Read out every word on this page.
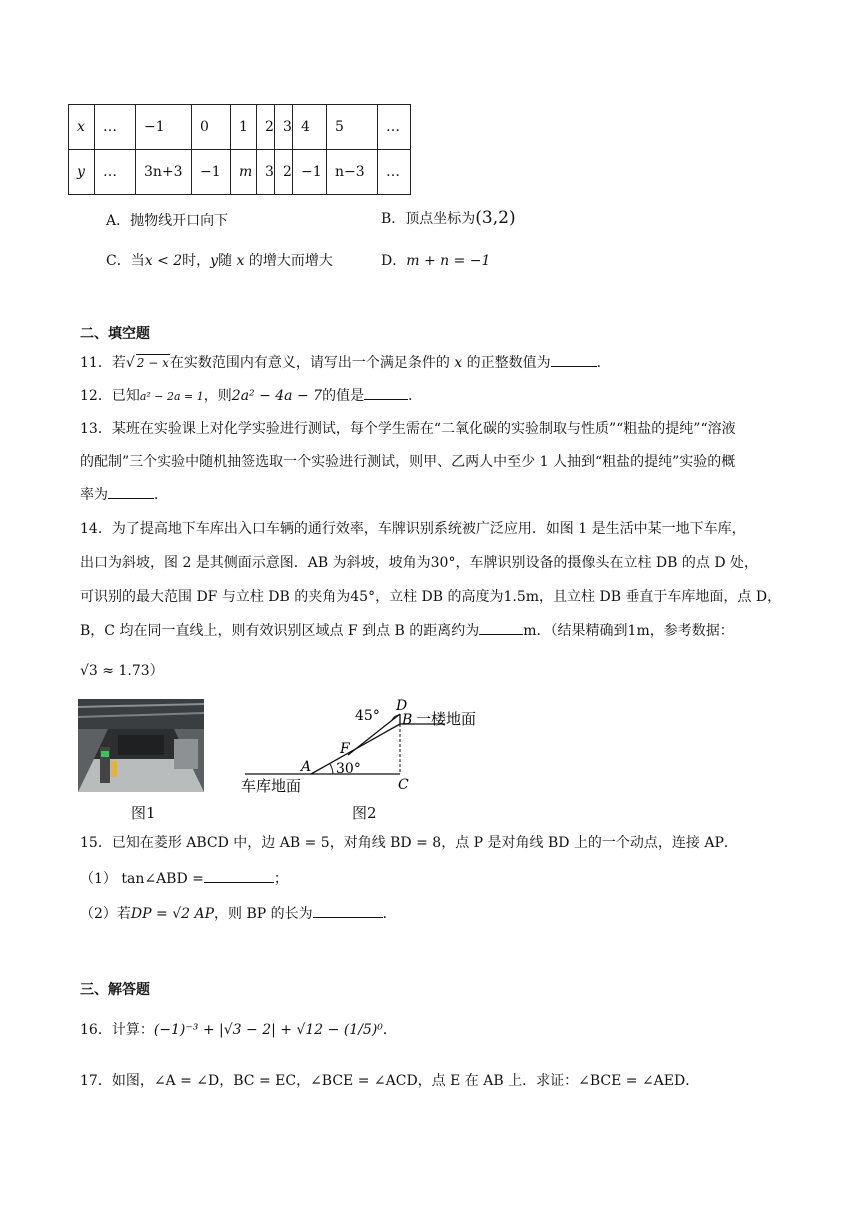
x	…	−1	0	1	2	3	4	5	…
y	…	3n+3	−1	m	3	2	−1	n−3	…
A．抛物线开口向下	B．顶点坐标为(3,2)
C．当x < 2时，y随 x 的增大而增大	D．m + n = −1
二、填空题
11．若√ 2 − x在实数范围内有意义，请写出一个满足条件的 x 的正整数值为	．
12．已知a² − 2a = 1，则2a² − 4a − 7的值是	．
13．某班在实验课上对化学实验进行测试，每个学生需在“二氧化碳的实验制取与性质”“粗盐的提纯”“溶液
的配制”三个实验中随机抽签选取一个实验进行测试，则甲、乙两人中至少 1 人抽到“粗盐的提纯”实验的概
率为	．
14．为了提高地下车库出入口车辆的通行效率，车牌识别系统被广泛应用．如图 1 是生活中某一地下车库，
出口为斜坡，图 2 是其侧面示意图．AB 为斜坡，坡角为30°，车牌识别设备的摄像头在立柱 DB 的点 D 处，
可识别的最大范围 DF 与立柱 DB 的夹角为45°，立柱 DB 的高度为1.5m，且立柱 DB 垂直于车库地面，点 D，
B，C 均在同一直线上，则有效识别区域点 F 到点 B 的距离约为	m．（结果精确到1m，参考数据：
√3 ≈ 1.73）
图1
D
B
A
F
C
45°
30°
一楼地面
车库地面
图2
15．已知在菱形 ABCD 中，边 AB = 5，对角线 BD = 8，点 P 是对角线 BD 上的一个动点，连接 AP．
（1） tan∠ABD =	；
（2）若DP = √2 AP，则 BP 的长为	．
三、解答题
16．计算：(−1)⁻³ + |√3 − 2| + √12 − (1/5)⁰．
17．如图，∠A = ∠D，BC = EC，∠BCE = ∠ACD，点 E 在 AB 上．求证：∠BCE = ∠AED．
